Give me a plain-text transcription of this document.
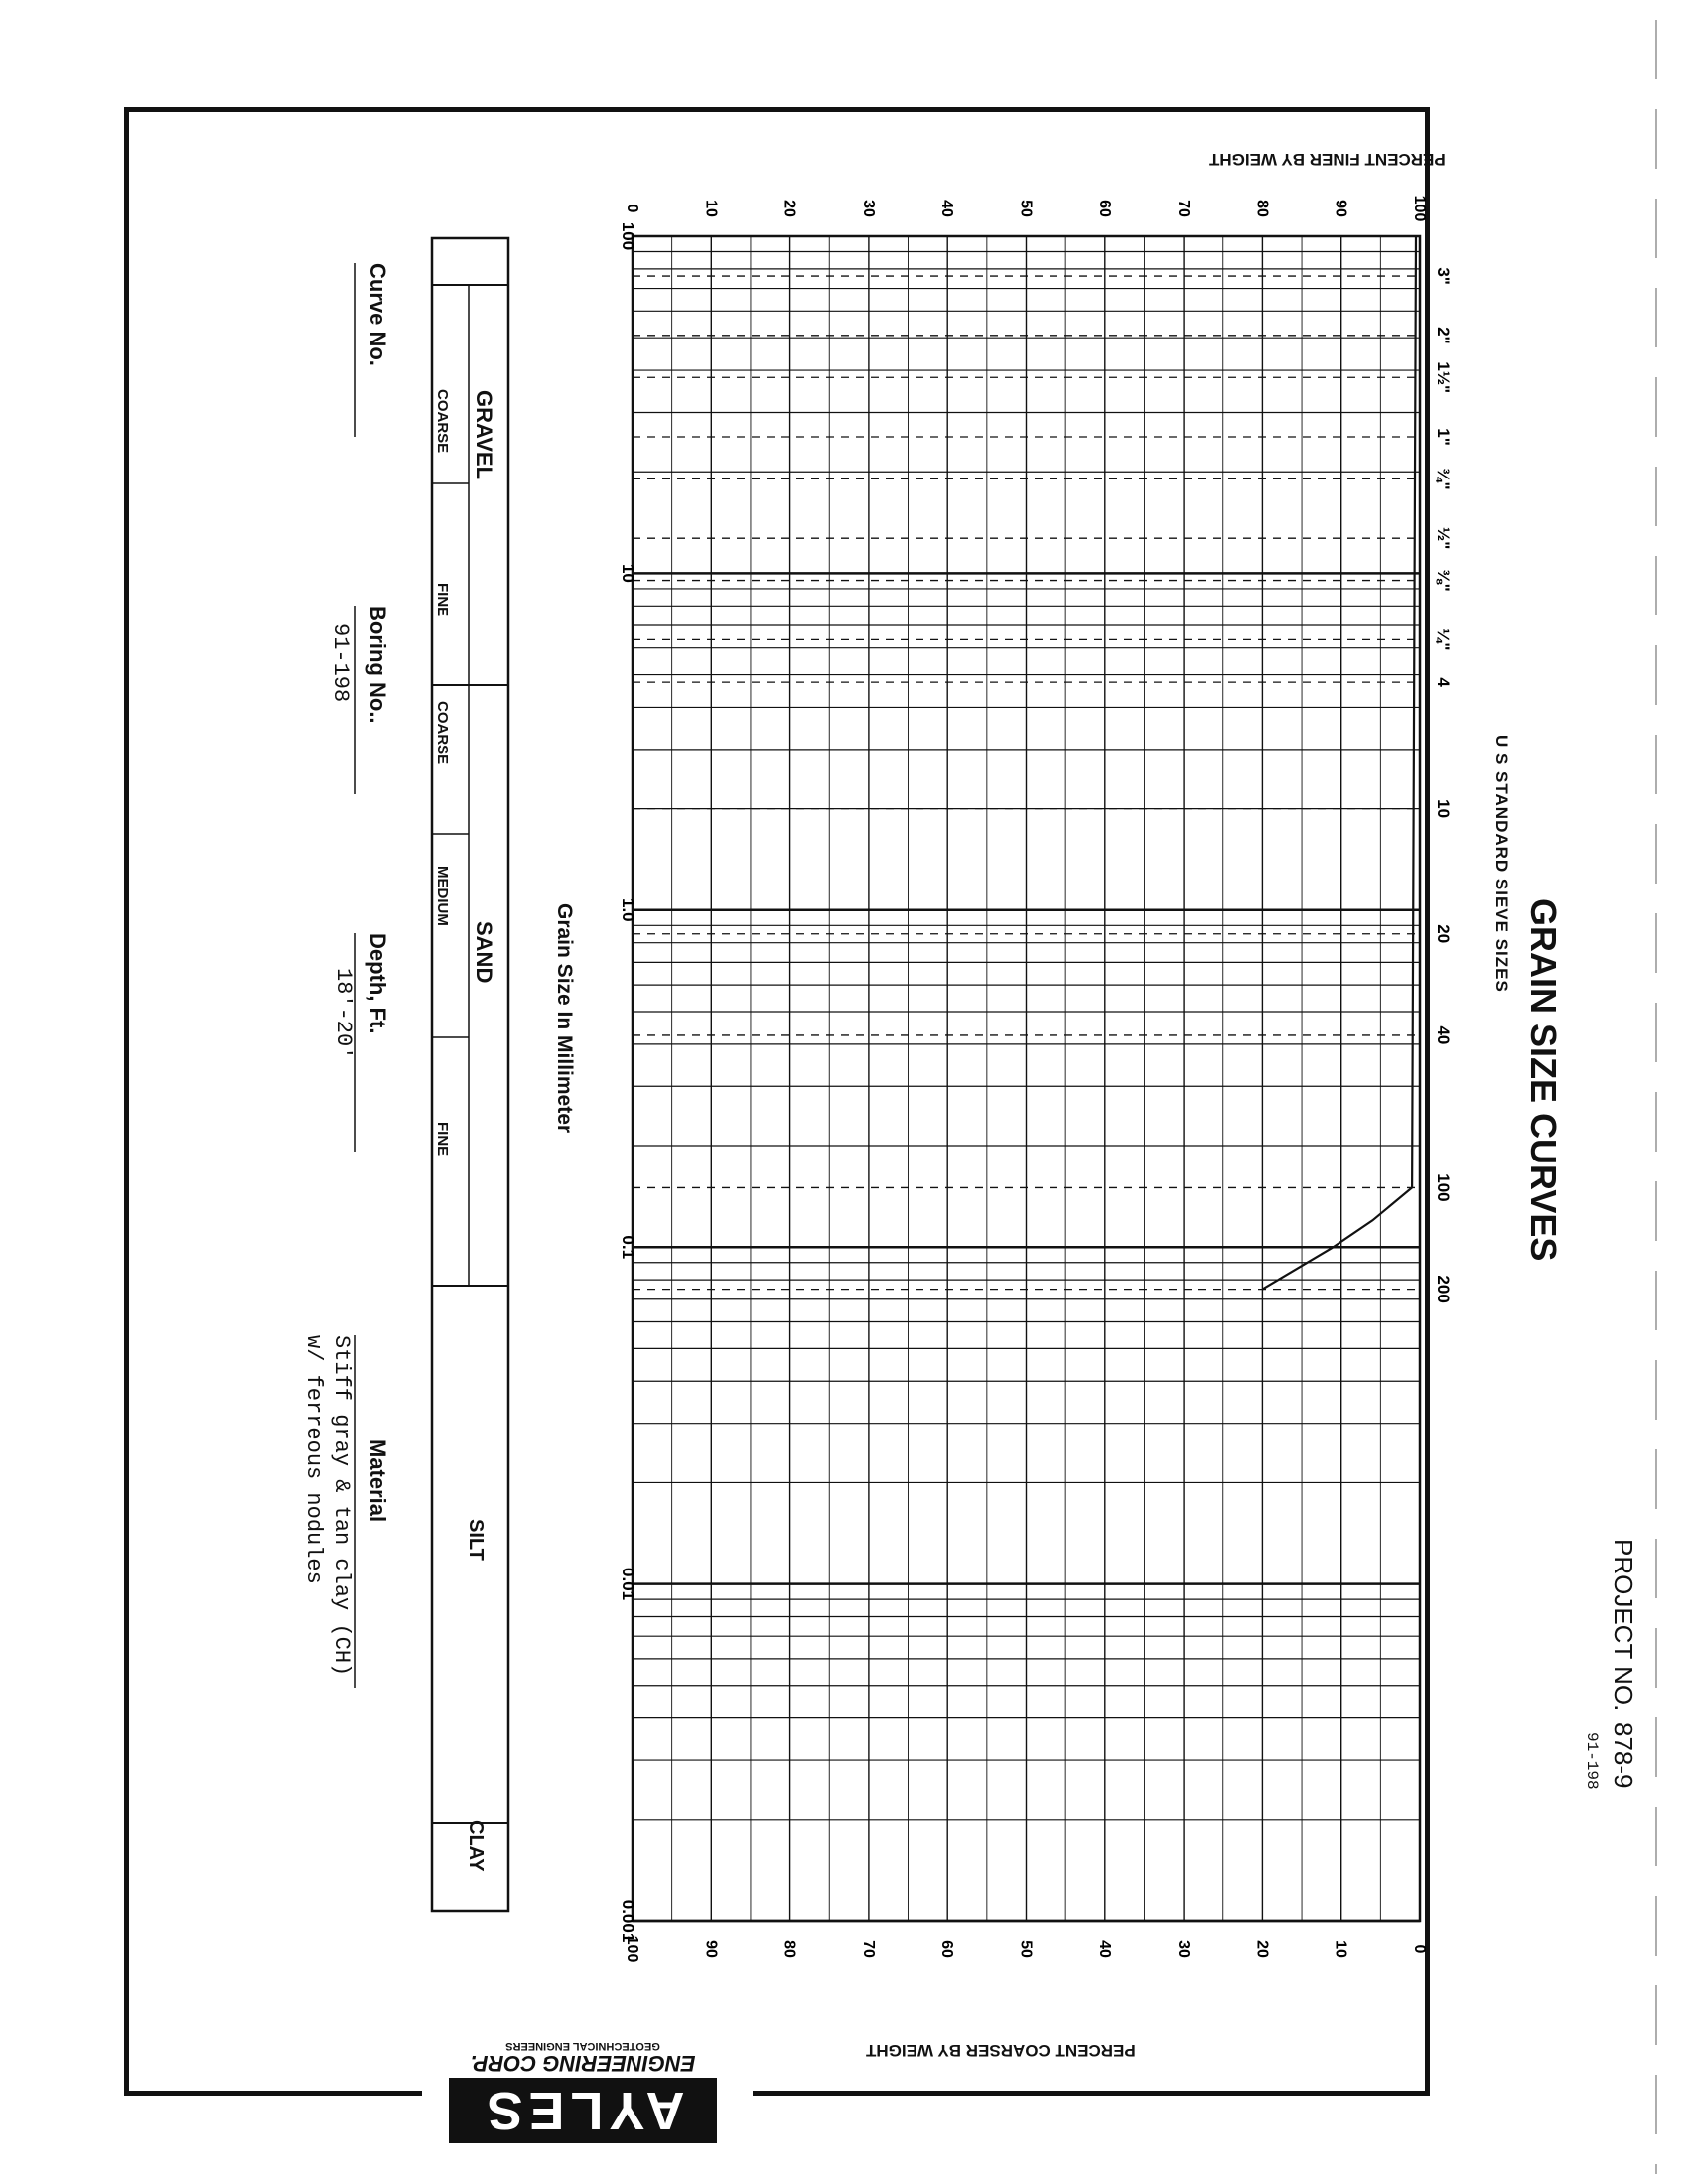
GRAIN SIZE CURVES
U S STANDARD SIEVE SIZES
PERCENT FINER BY WEIGHT
PERCENT COARSER BY WEIGHT
Grain Size In Millimeter
3"
2"
1½"
1"
¾"
½"
⅜"
¼"
4
10
20
40
100
200
100
10
1.0
0.1
0.01
0.001
0	10	20	30	40	50	60	70	80	90	100
100	90	80	70	60	50	40	30	20	10	0
GRAVEL
SAND
COARSE
FINE
COARSE
MEDIUM
FINE
SILT
CLAY
Curve No.
Boring No..
91-198
Depth, Ft.
18'-20'
Material
Stiff gray & tan clay (CH)
w/ ferreous nodules
AYLES
ENGINEERING CORP.
GEOTECHNICAL ENGINEERS
PROJECT NO.
878-9
91-198
